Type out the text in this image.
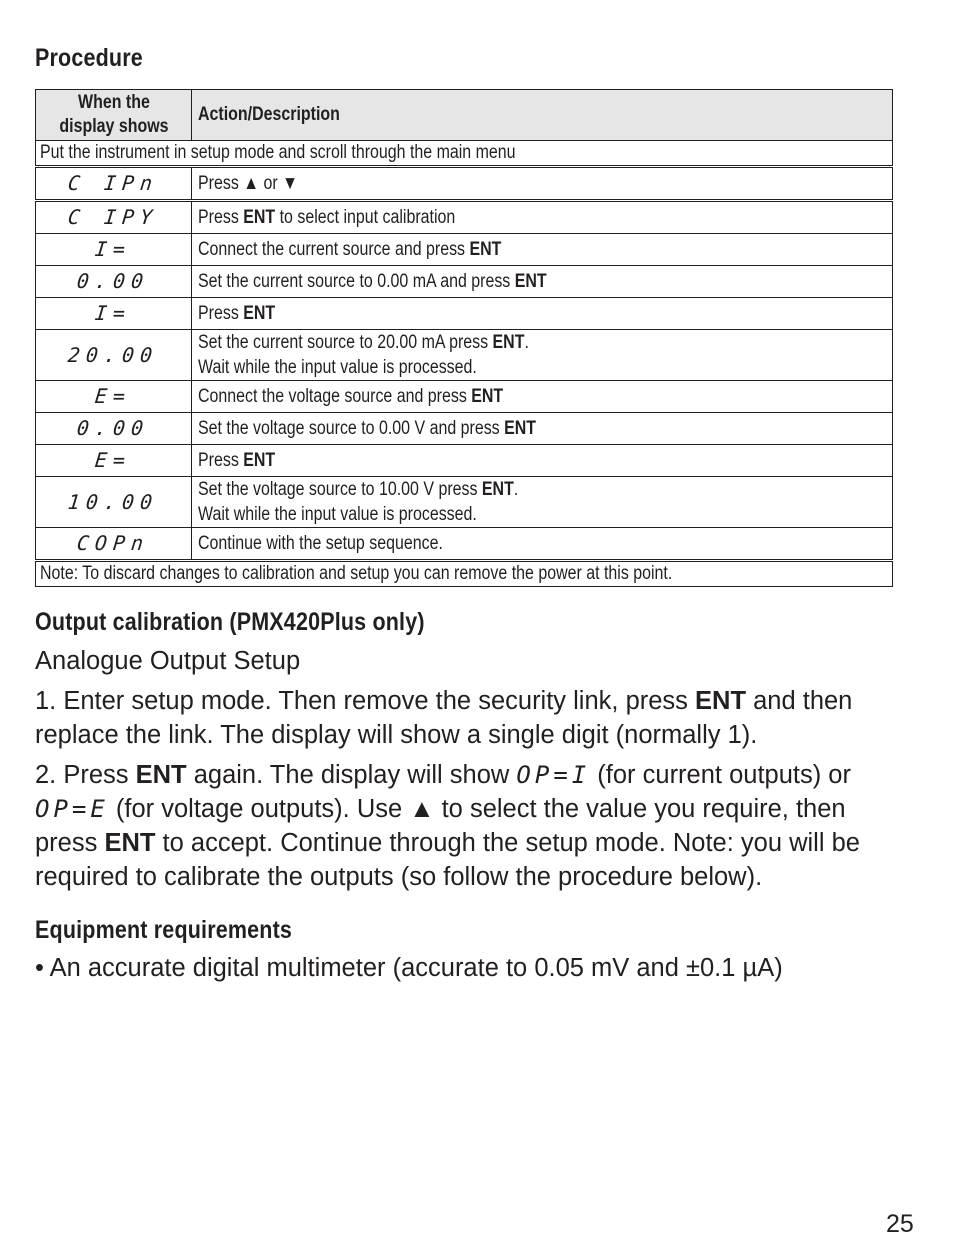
Procedure
When the
display shows	Action/Description
Put the instrument in setup mode and scroll through the main menu	
C IPn	Press ▲ or ▼
C IPY	Press ENT to select input calibration
I=	Connect the current source and press ENT
0.00	Set the current source to 0.00 mA and press ENT
I=	Press ENT
20.00	Set the current source to 20.00 mA press ENT.
Wait while the input value is processed.
E=	Connect the voltage source and press ENT
0.00	Set the voltage source to 0.00 V and press ENT
E=	Press ENT
10.00	Set the voltage source to 10.00 V press ENT.
Wait while the input value is processed.
COPn	Continue with the setup sequence.
Note: To discard changes to calibration and setup you can remove the power at this point.	
Output calibration (PMX420Plus only)
Analogue Output Setup
1. Enter setup mode. Then remove the security link, press ENT and then replace the link. The display will show a single digit (normally 1).
2. Press ENT again. The display will show OP=I (for current outputs) or OP=E (for voltage outputs). Use ▲ to select the value you require, then press ENT to accept. Continue through the setup mode. Note: you will be required to calibrate the outputs (so follow the procedure below).
Equipment requirements
• An accurate digital multimeter (accurate to 0.05 mV and ±0.1 µA)
25
